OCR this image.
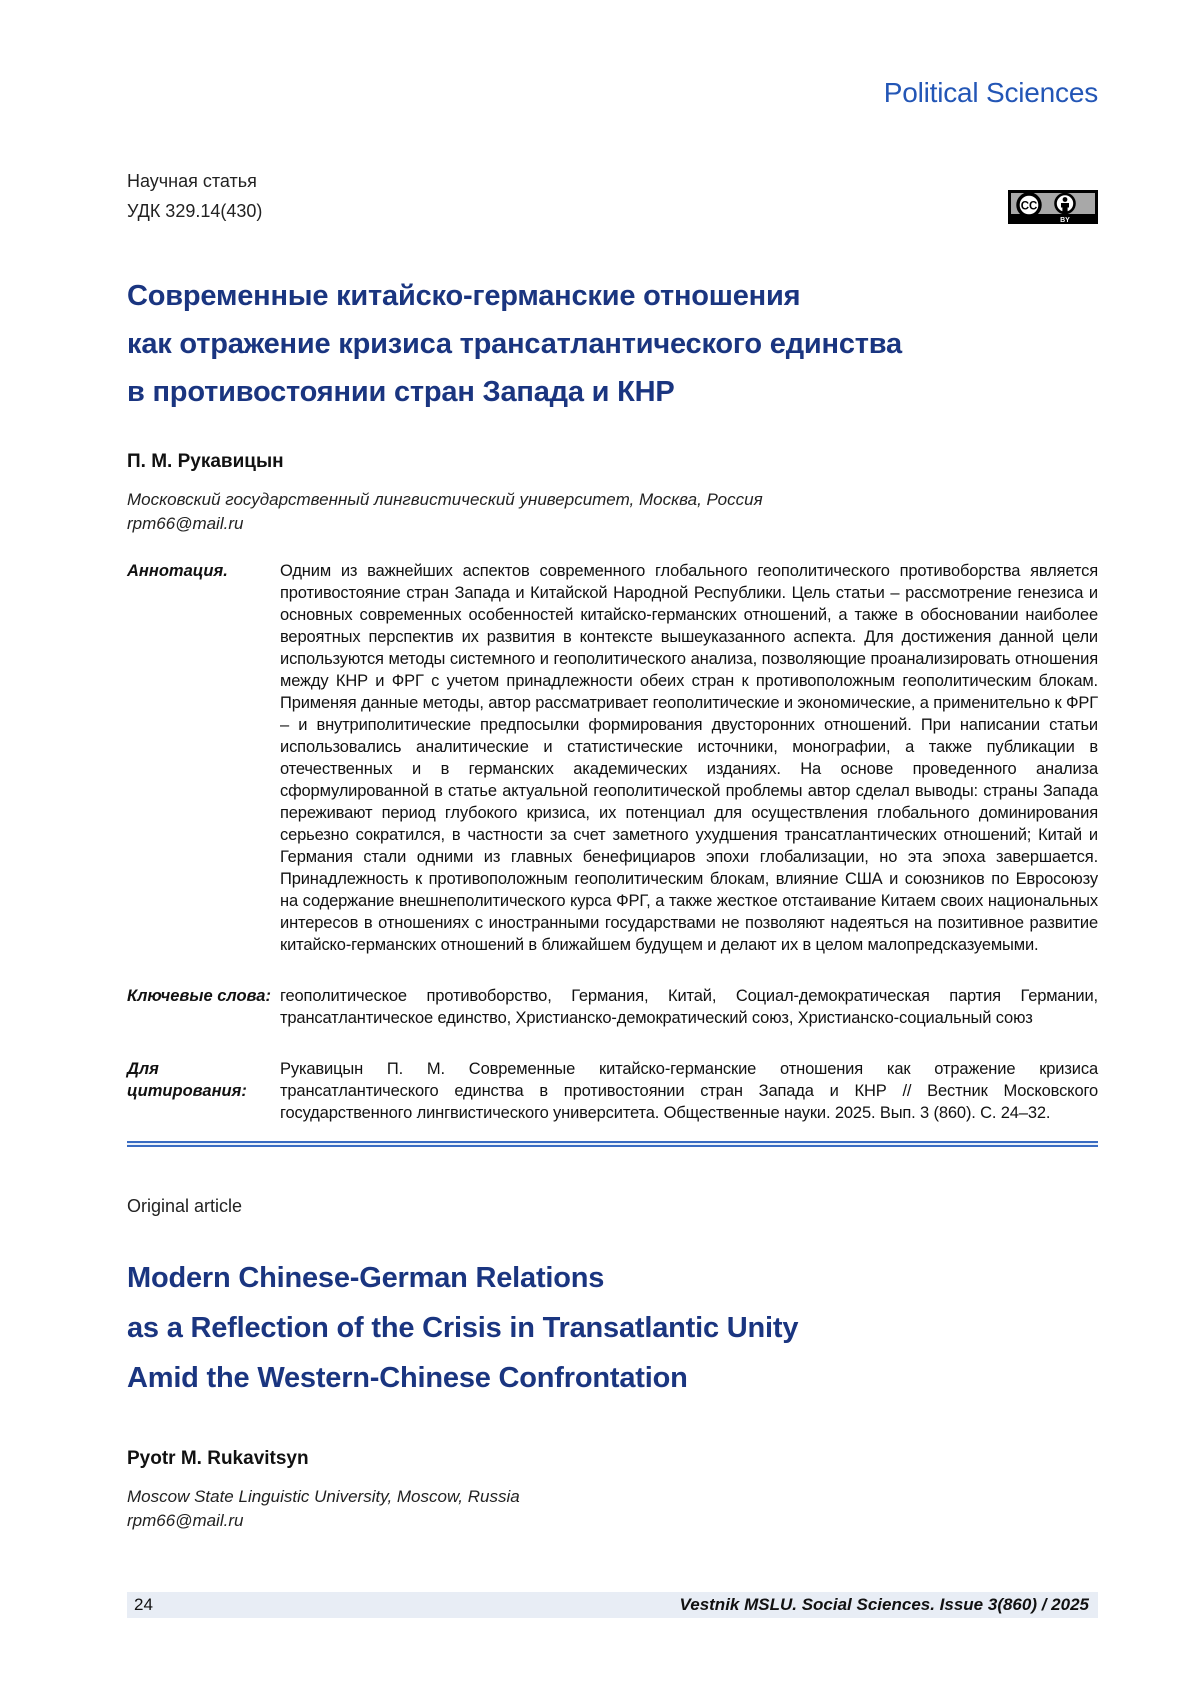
Political Sciences
Научная статья
УДК 329.14(430)	CC
BY
Современные китайско-германские отношения
как отражение кризиса трансатлантического единства
в противостоянии стран Запада и КНР
П. М. Рукавицын
Московский государственный лингвистический университет, Москва, Россия
rpm66@mail.ru
Аннотация.	Одним из важнейших аспектов современного глобального геополитического противоборства является противостояние стран Запада и Китайской Народной Республики. Цель статьи – рассмотрение генезиса и основных современных особенностей китайско-германских отношений, а также в обосновании наиболее вероятных перспектив их развития в контексте вышеуказанного аспекта. Для достижения данной цели используются методы системного и геополитического анализа, позволяющие проанализировать отношения между КНР и ФРГ с учетом принадлежности обеих стран к противоположным геополитическим блокам. Применяя данные методы, автор рассматривает геополитические и экономические, а применительно к ФРГ – и внутриполитические предпосылки формирования двусторонних отношений. При написании статьи использовались аналитические и статистические источники, монографии, а также публикации в отечественных и в германских академических изданиях. На основе проведенного анализа сформулированной в статье актуальной геополитической проблемы автор сделал выводы: страны Запада переживают период глубокого кризиса, их потенциал для осуществления глобального доминирования серьезно сократился, в частности за счет заметного ухудшения трансатлантических отношений; Китай и Германия стали одними из главных бенефициаров эпохи глобализации, но эта эпоха завершается. Принадлежность к противоположным геополитическим блокам, влияние США и союзников по Евросоюзу на содержание внешнеполитического курса ФРГ, а также жесткое отстаивание Китаем своих национальных интересов в отношениях с иностранными государствами не позволяют надеяться на позитивное развитие китайско-германских отношений в ближайшем будущем и делают их в целом малопредсказуемыми.
Ключевые слова: геополитическое противоборство, Германия, Китай, Социал-демократическая партия Германии, трансатлантическое единство, Христианско-демократический союз, Христианско-социальный союз
Для цитирования:
Рукавицын П. М. Современные китайско-германские отношения как отражение кризиса трансатлантического единства в противостоянии стран Запада и КНР // Вестник Московского государственного лингвистического университета. Общественные науки. 2025. Вып. 3 (860). С. 24–32.
Original article
Modern Chinese-German Relations
as a Reflection of the Crisis in Transatlantic Unity
Amid the Western-Chinese Confrontation
Pyotr M. Rukavitsyn
Moscow State Linguistic University, Moscow, Russia
rpm66@mail.ru
24	Vestnik MSLU. Social Sciences. Issue 3(860) / 2025
